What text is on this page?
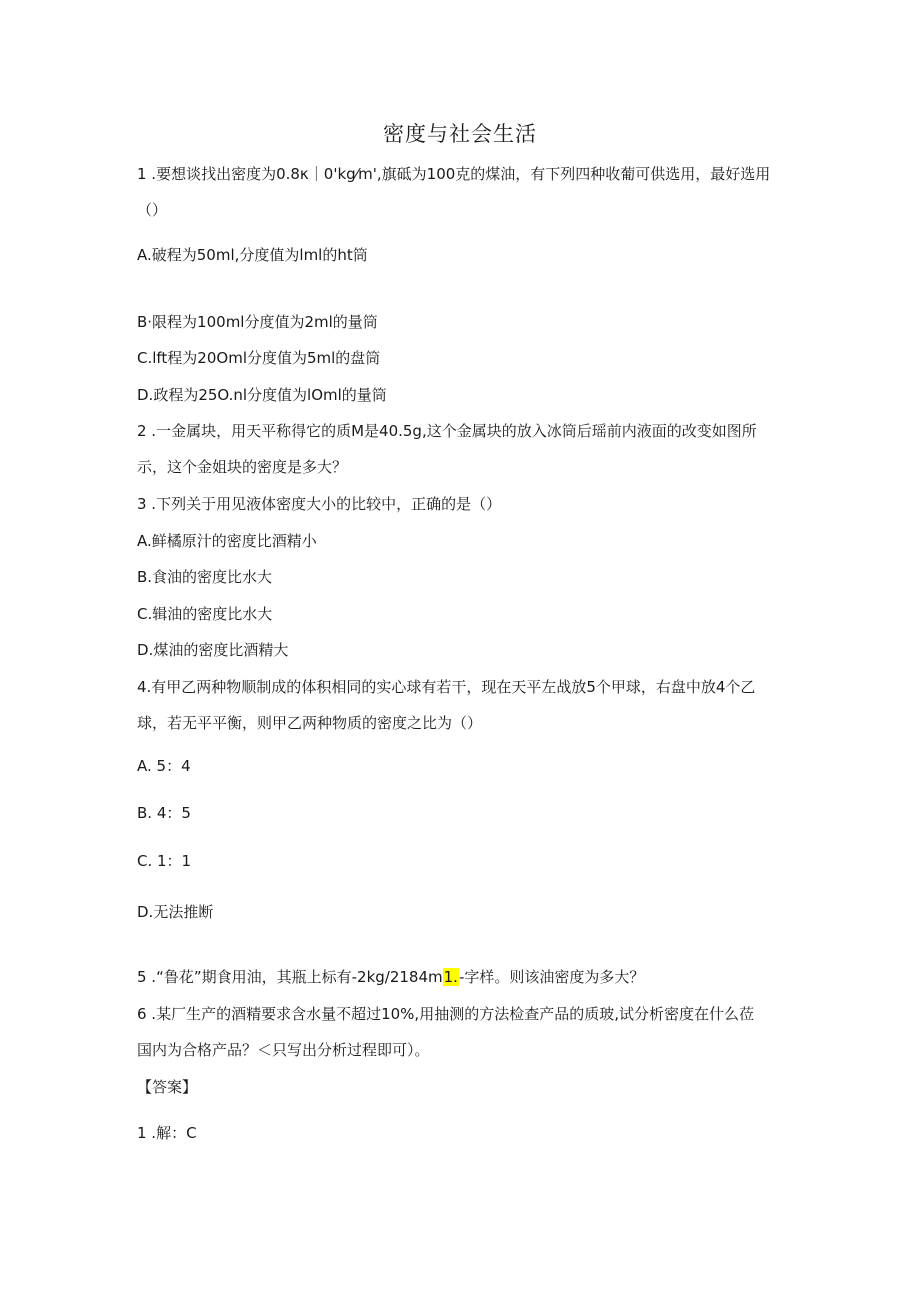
密度与社会生活
1 .要想谈找出密度为0.8κ｜0'kg⁄m',旗砥为100克的煤油，有下列四种收葡可供选用，最好选用
（）
A.破程为50ml,分度值为lml的ht筒
B·限程为100ml分度值为2ml的量筒
C.lft程为20Oml分度值为5ml的盘筒
D.政程为25O.nl分度值为lOml的量筒
2 .一金属块，用天平称得它的质M是40.5g,这个金属块的放入冰筒后瑶前内液面的改变如图所
示，这个金姐块的密度是多大？
3 .下列关于用见液体密度大小的比较中，正确的是（）
A.鲜橘原汁的密度比酒精小
B.食油的密度比水大
C.辑油的密度比水大
D.煤油的密度比酒精大
4.有甲乙两种物顺制成的体积相同的实心球有若干，现在天平左战放5个甲球，右盘中放4个乙
球，若无平平衡，则甲乙两种物质的密度之比为（）
A. 5：4
B. 4：5
C. 1：1
D.无法推断
5 .“鲁花”期食用油，其瓶上标有-2kg/2184m1.-字样。则该油密度为多大？
6 .某厂生产的酒精要求含水量不超过10%,用抽测的方法检查产品的质玻,试分析密度在什么莅
国内为合格产品？＜只写出分析过程即可）。
【答案】
1 .解：C
